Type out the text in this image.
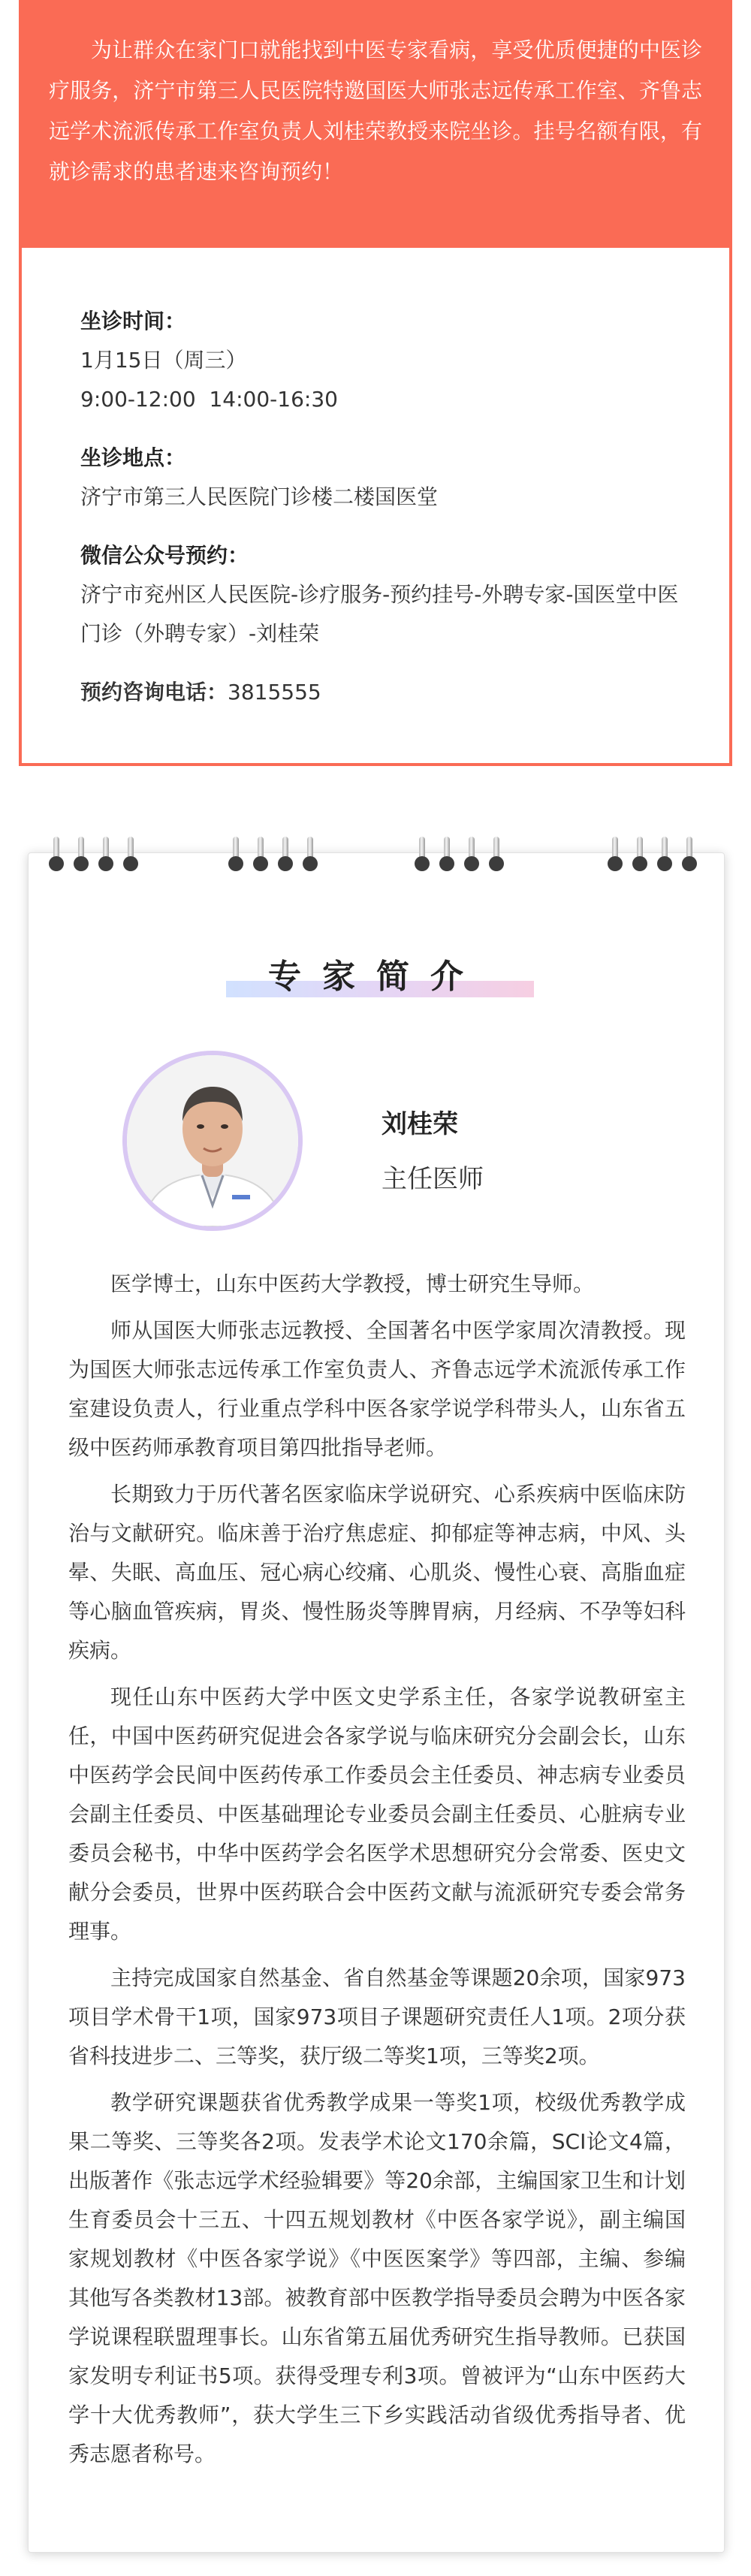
为让群众在家门口就能找到中医专家看病，享受优质便捷的中医诊疗服务，济宁市第三人民医院特邀国医大师张志远传承工作室、齐鲁志远学术流派传承工作室负责人刘桂荣教授来院坐诊。挂号名额有限，有就诊需求的患者速来咨询预约！
坐诊时间：
1月15日（周三）
9:00-12:00  14:00-16:30
坐诊地点：
济宁市第三人民医院门诊楼二楼国医堂
微信公众号预约：
济宁市兖州区人民医院-诊疗服务-预约挂号-外聘专家-国医堂中医门诊（外聘专家）-刘桂荣
预约咨询电话：3815555
专家简介
刘桂荣
主任医师

医学博士，山东中医药大学教授，博士研究生导师。

师从国医大师张志远教授、全国著名中医学家周次清教授。现为国医大师张志远传承工作室负责人、齐鲁志远学术流派传承工作室建设负责人，行业重点学科中医各家学说学科带头人，山东省五级中医药师承教育项目第四批指导老师。

长期致力于历代著名医家临床学说研究、心系疾病中医临床防治与文献研究。临床善于治疗焦虑症、抑郁症等神志病，中风、头晕、失眠、高血压、冠心病心绞痛、心肌炎、慢性心衰、高脂血症等心脑血管疾病，胃炎、慢性肠炎等脾胃病，月经病、不孕等妇科疾病。

现任山东中医药大学中医文史学系主任，各家学说教研室主任，中国中医药研究促进会各家学说与临床研究分会副会长，山东中医药学会民间中医药传承工作委员会主任委员、神志病专业委员会副主任委员、中医基础理论专业委员会副主任委员、心脏病专业委员会秘书，中华中医药学会名医学术思想研究分会常委、医史文献分会委员，世界中医药联合会中医药文献与流派研究专委会常务理事。

主持完成国家自然基金、省自然基金等课题20余项，国家973项目学术骨干1项，国家973项目子课题研究责任人1项。2项分获省科技进步二、三等奖，获厅级二等奖1项，三等奖2项。

教学研究课题获省优秀教学成果一等奖1项，校级优秀教学成果二等奖、三等奖各2项。发表学术论文170余篇，SCI论文4篇，出版著作《张志远学术经验辑要》等20余部，主编国家卫生和计划生育委员会十三五、十四五规划教材《中医各家学说》，副主编国家规划教材《中医各家学说》《中医医案学》等四部，主编、参编其他写各类教材13部。被教育部中医教学指导委员会聘为中医各家学说课程联盟理事长。山东省第五届优秀研究生指导教师。已获国家发明专利证书5项。获得受理专利3项。曾被评为“山东中医药大学十大优秀教师”，获大学生三下乡实践活动省级优秀指导者、优秀志愿者称号。
